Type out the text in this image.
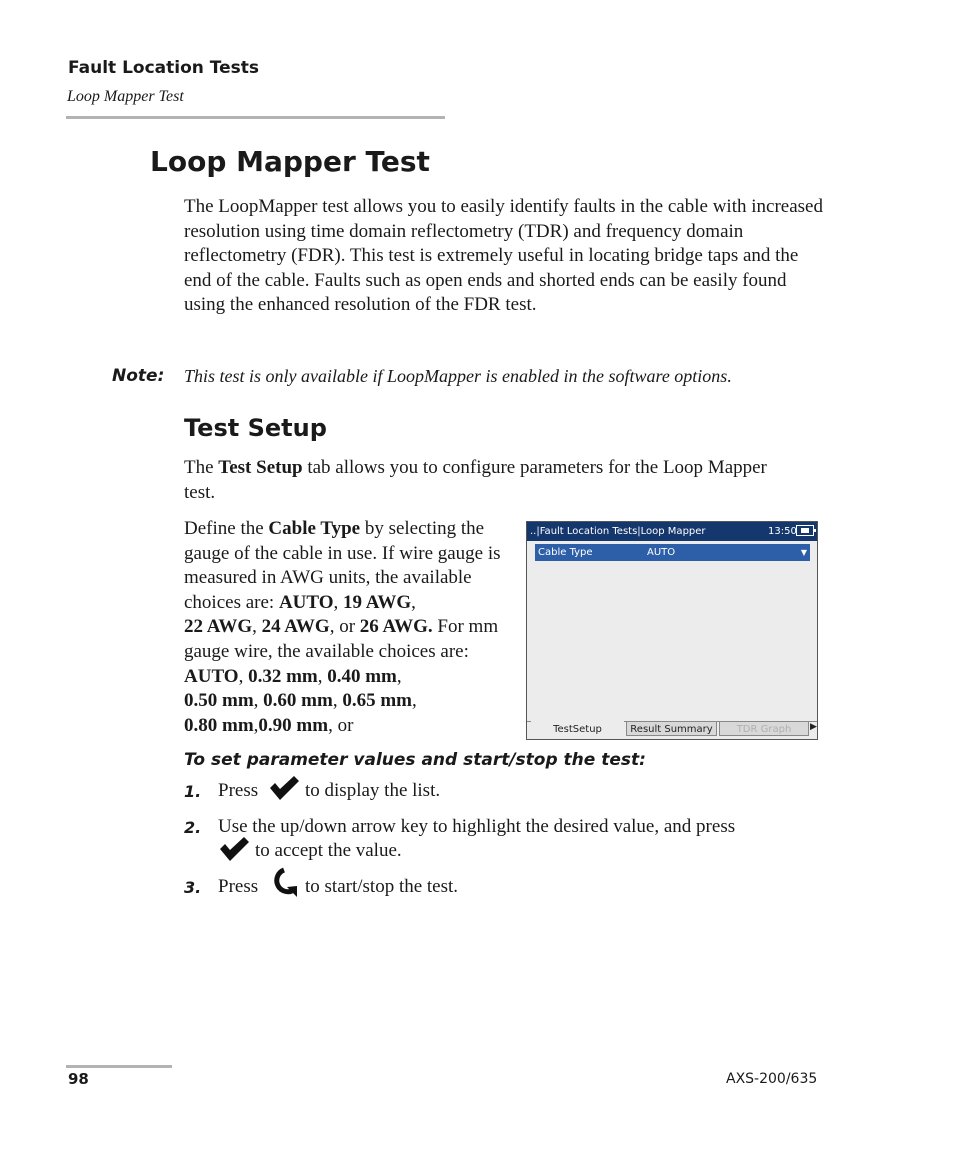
Fault Location Tests
Loop Mapper Test
Loop Mapper Test

The LoopMapper test allows you to easily identify faults in the cable with increased resolution using time domain reflectometry (TDR) and frequency domain reflectometry (FDR). This test is extremely useful in locating bridge taps and the end of the cable. Faults such as open ends and shorted ends can be easily found using the enhanced resolution of the FDR test.

Note: This test is only available if LoopMapper is enabled in the software options.
Test Setup

The Test Setup tab allows you to configure parameters for the Loop Mapper test.

Define the Cable Type by selecting the gauge of the cable in use. If wire gauge is measured in AWG units, the available choices are: AUTO, 19 AWG,
22 AWG, 24 AWG, or 26 AWG. For mm gauge wire, the available choices are: AUTO, 0.32 mm, 0.40 mm,
0.50 mm, 0.60 mm, 0.65 mm,
0.80 mm,0.90 mm, or

..|Fault Location Tests|Loop Mapper	13:50
Cable Type	AUTO	▼
TestSetup	Result Summary	TDR Graph	▶
To set parameter values and start/stop the test:
1. Press to display the list.
2. Use the up/down arrow key to highlight the desired value, and press
to accept the value.
3. Press to start/stop the test.
98	AXS-200/635
